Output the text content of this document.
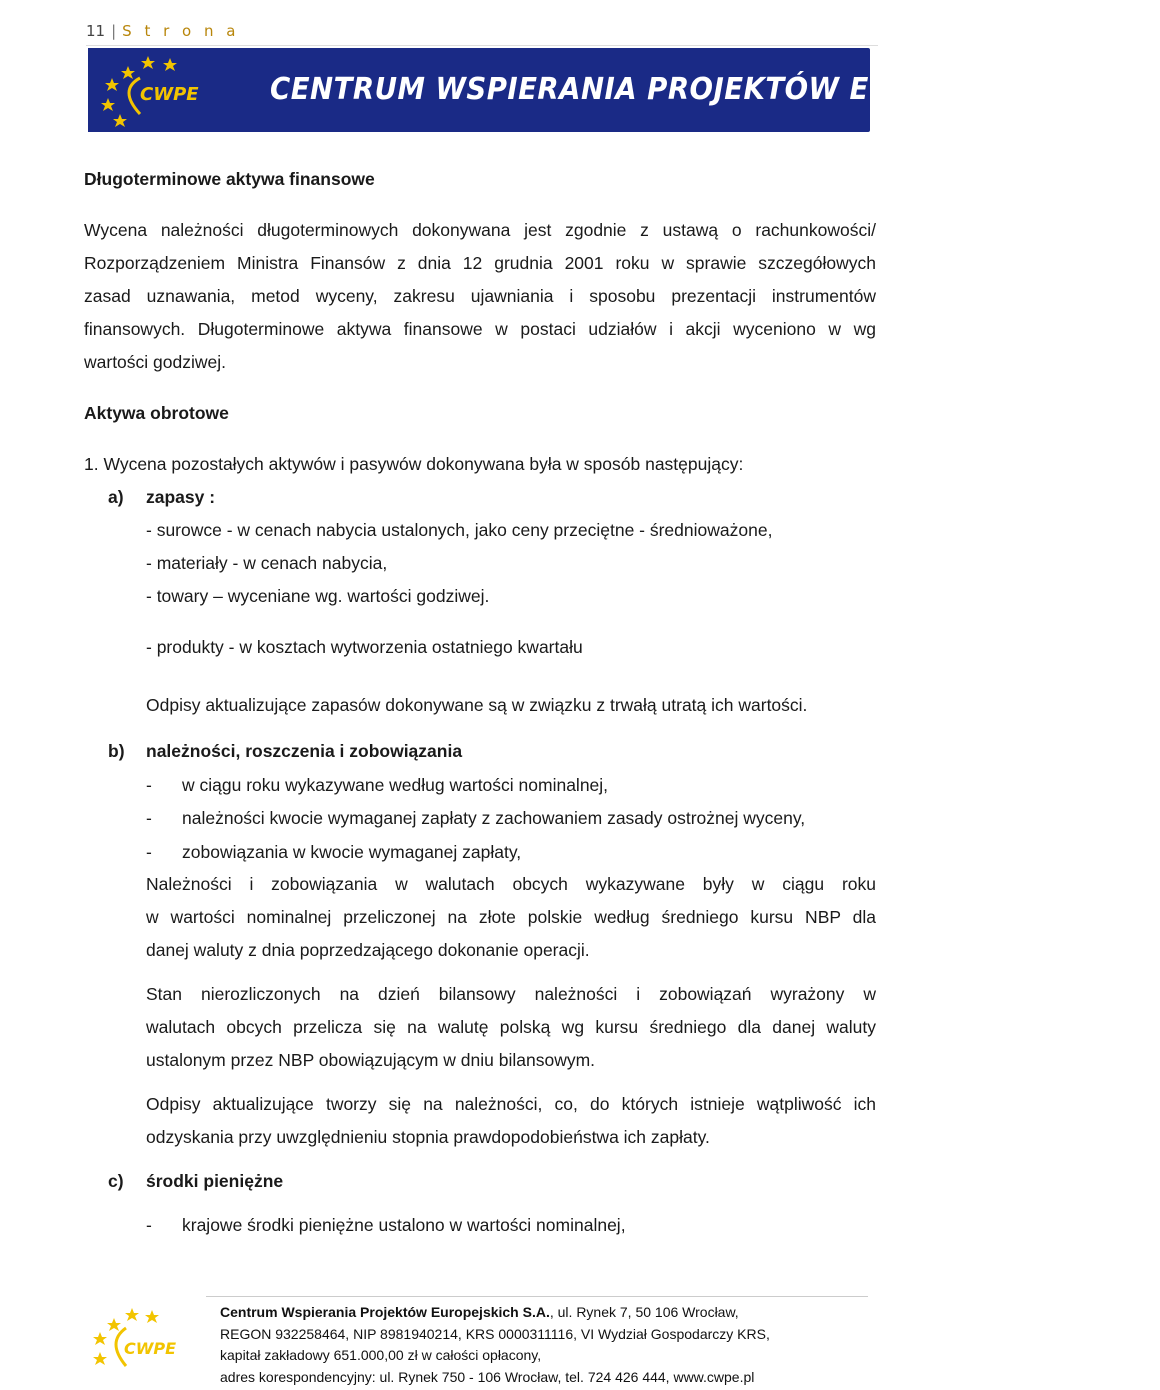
11 | S t r o n a
CWPE CENTRUM WSPIERANIA PROJEKTÓW EUROPEJSKICH S.A.
Długoterminowe aktywa finansowe
Wycena należności długoterminowych dokonywana jest zgodnie z ustawą o rachunkowości/
Rozporządzeniem Ministra Finansów z dnia 12 grudnia 2001 roku w sprawie szczegółowych
zasad uznawania, metod wyceny, zakresu ujawniania i sposobu prezentacji instrumentów
finansowych. Długoterminowe aktywa finansowe w postaci udziałów i akcji wyceniono w wg
wartości godziwej.
Aktywa obrotowe
1. Wycena pozostałych aktywów i pasywów dokonywana była w sposób następujący:
a) zapasy :
- surowce - w cenach nabycia ustalonych, jako ceny przeciętne - średnioważone,
- materiały - w cenach nabycia,
- towary – wyceniane wg. wartości godziwej.
- produkty - w kosztach wytworzenia ostatniego kwartału
Odpisy aktualizujące zapasów dokonywane są w związku z trwałą utratą ich wartości.
b) należności, roszczenia i zobowiązania
- w ciągu roku wykazywane według wartości nominalnej,
- należności kwocie wymaganej zapłaty z zachowaniem zasady ostrożnej wyceny,
- zobowiązania w kwocie wymaganej zapłaty,
Należności i zobowiązania w walutach obcych wykazywane były w ciągu roku
w wartości nominalnej przeliczonej na złote polskie według średniego kursu NBP dla
danej waluty z dnia poprzedzającego dokonanie operacji.
Stan nierozliczonych na dzień bilansowy należności i zobowiązań wyrażony w
walutach obcych przelicza się na walutę polską wg kursu średniego dla danej waluty
ustalonym przez NBP obowiązującym w dniu bilansowym.
Odpisy aktualizujące tworzy się na należności, co, do których istnieje wątpliwość ich
odzyskania przy uwzględnieniu stopnia prawdopodobieństwa ich zapłaty.
c) środki pieniężne
- krajowe środki pieniężne ustalono w wartości nominalnej,
CWPE
Centrum Wspierania Projektów Europejskich S.A., ul. Rynek 7, 50 106 Wrocław,
REGON 932258464, NIP 8981940214, KRS 0000311116, VI Wydział Gospodarczy KRS,
kapitał zakładowy 651.000,00 zł w całości opłacony,
adres korespondencyjny: ul. Rynek 750 - 106 Wrocław, tel. 724 426 444, www.cwpe.pl
